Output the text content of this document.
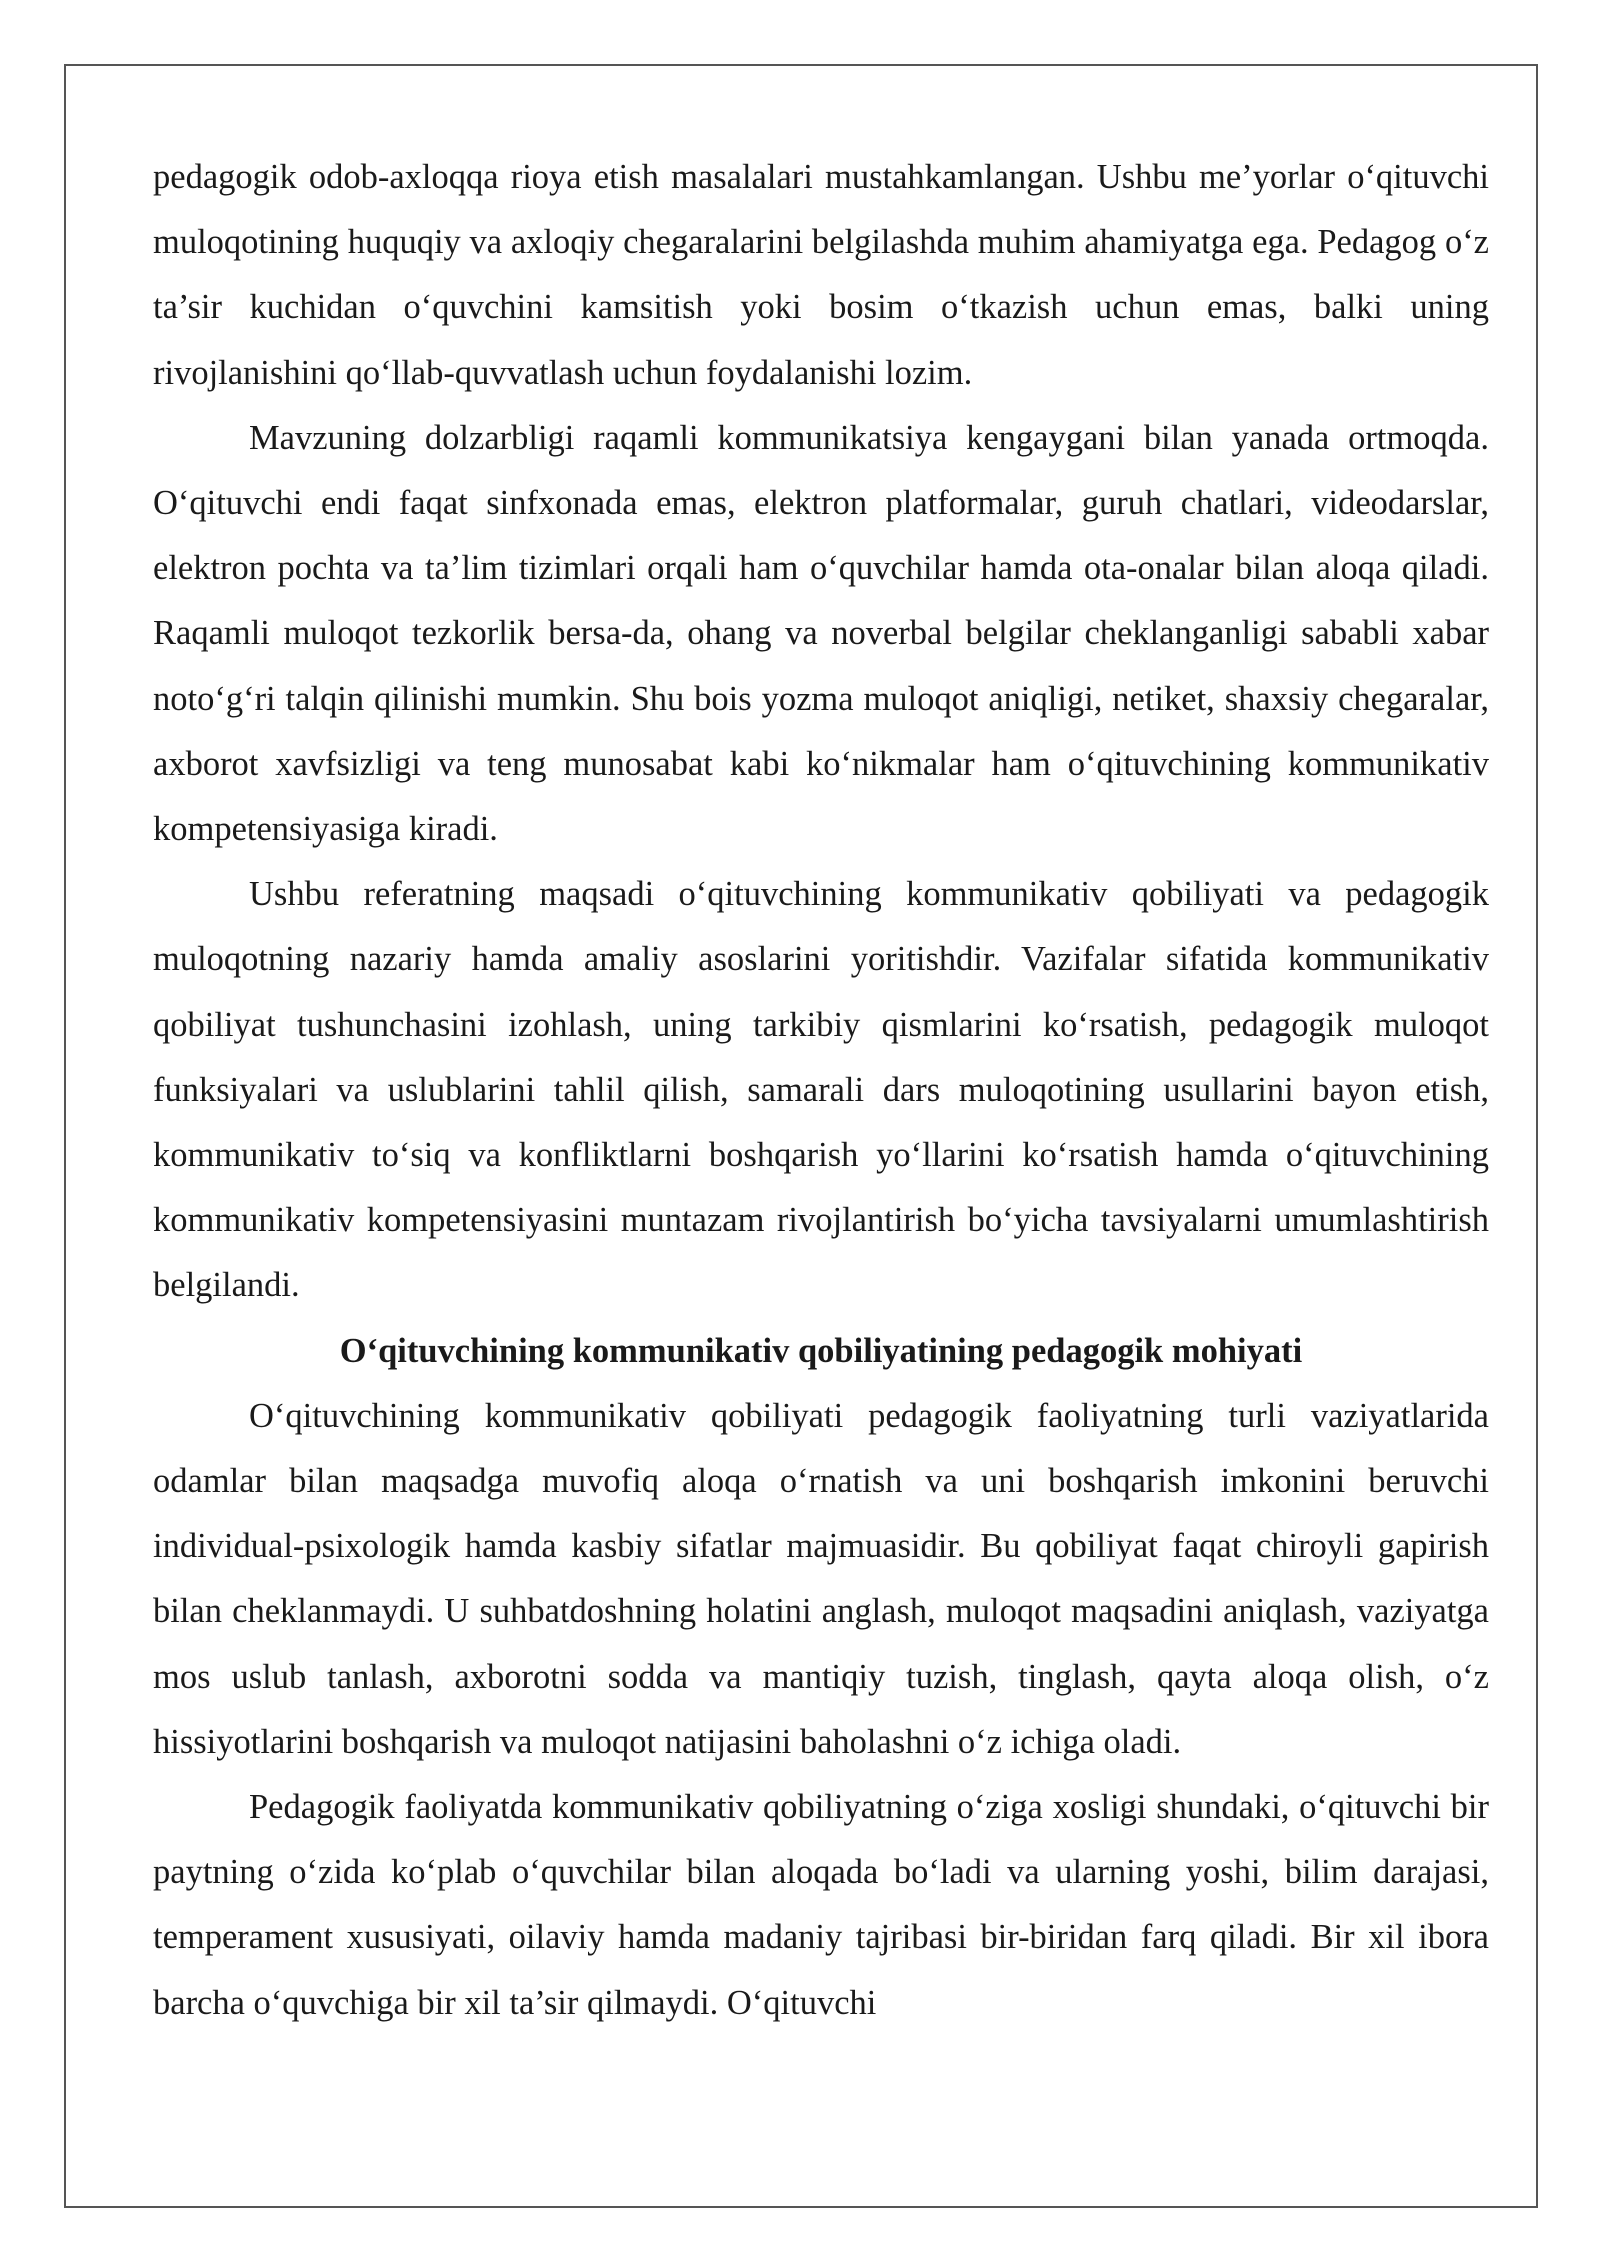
pedagogik odob-axloqqa rioya etish masalalari mustahkamlangan. Ushbu me’yorlar o‘qituvchi muloqotining huquqiy va axloqiy chegaralarini belgilashda muhim ahamiyatga ega. Pedagog o‘z ta’sir kuchidan o‘quvchini kamsitish yoki bosim o‘tkazish uchun emas, balki uning rivojlanishini qo‘llab-quvvatlash uchun foydalanishi lozim.

Mavzuning dolzarbligi raqamli kommunikatsiya kengaygani bilan yanada ortmoqda. O‘qituvchi endi faqat sinfxonada emas, elektron platformalar, guruh chatlari, videodarslar, elektron pochta va ta’lim tizimlari orqali ham o‘quvchilar hamda ota-onalar bilan aloqa qiladi. Raqamli muloqot tezkorlik bersa-da, ohang va noverbal belgilar cheklanganligi sababli xabar noto‘g‘ri talqin qilinishi mumkin. Shu bois yozma muloqot aniqligi, netiket, shaxsiy chegaralar, axborot xavfsizligi va teng munosabat kabi ko‘nikmalar ham o‘qituvchining kommunikativ kompetensiyasiga kiradi.

Ushbu referatning maqsadi o‘qituvchining kommunikativ qobiliyati va pedagogik muloqotning nazariy hamda amaliy asoslarini yoritishdir. Vazifalar sifatida kommunikativ qobiliyat tushunchasini izohlash, uning tarkibiy qismlarini ko‘rsatish, pedagogik muloqot funksiyalari va uslublarini tahlil qilish, samarali dars muloqotining usullarini bayon etish, kommunikativ to‘siq va konfliktlarni boshqarish yo‘llarini ko‘rsatish hamda o‘qituvchining kommunikativ kompetensiyasini muntazam rivojlantirish bo‘yicha tavsiyalarni umumlashtirish belgilandi.

O‘qituvchining kommunikativ qobiliyatining pedagogik mohiyati

O‘qituvchining kommunikativ qobiliyati pedagogik faoliyatning turli vaziyatlarida odamlar bilan maqsadga muvofiq aloqa o‘rnatish va uni boshqarish imkonini beruvchi individual-psixologik hamda kasbiy sifatlar majmuasidir. Bu qobiliyat faqat chiroyli gapirish bilan cheklanmaydi. U suhbatdoshning holatini anglash, muloqot maqsadini aniqlash, vaziyatga mos uslub tanlash, axborotni sodda va mantiqiy tuzish, tinglash, qayta aloqa olish, o‘z hissiyotlarini boshqarish va muloqot natijasini baholashni o‘z ichiga oladi.

Pedagogik faoliyatda kommunikativ qobiliyatning o‘ziga xosligi shundaki, o‘qituvchi bir paytning o‘zida ko‘plab o‘quvchilar bilan aloqada bo‘ladi va ularning yoshi, bilim darajasi, temperament xususiyati, oilaviy hamda madaniy tajribasi bir-biridan farq qiladi. Bir xil ibora barcha o‘quvchiga bir xil ta’sir qilmaydi. O‘qituvchi
